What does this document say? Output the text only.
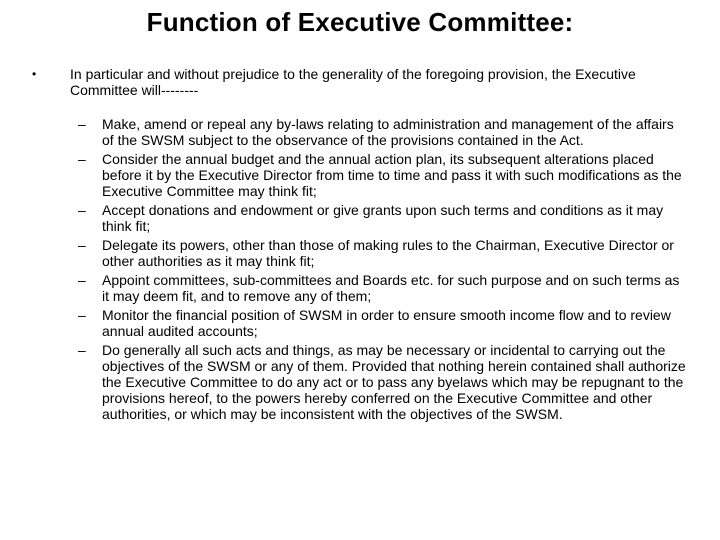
Function of Executive Committee:
• In particular and without prejudice to the generality of the foregoing provision, the Executive Committee will--------
– Make, amend or repeal any by-laws relating to administration and management of the affairs of the SWSM subject to the observance of the provisions contained in the Act.
– Consider the annual budget and the annual action plan, its subsequent alterations placed before it by the Executive Director from time to time and pass it with such modifications as the Executive Committee may think fit;
– Accept donations and endowment or give grants upon such terms and conditions as it may think fit;
– Delegate its powers, other than those of making rules to the Chairman, Executive Director or other authorities as it may think fit;
– Appoint committees, sub-committees and Boards etc. for such purpose and on such terms as it may deem fit, and to remove any of them;
– Monitor the financial position of SWSM in order to ensure smooth income flow and to review annual audited accounts;
– Do generally all such acts and things, as may be necessary or incidental to carrying out the objectives of the SWSM or any of them. Provided that nothing herein contained shall authorize the Executive Committee to do any act or to pass any byelaws which may be repugnant to the provisions hereof, to the powers hereby conferred on the Executive Committee and other authorities, or which may be inconsistent with the objectives of the SWSM.
